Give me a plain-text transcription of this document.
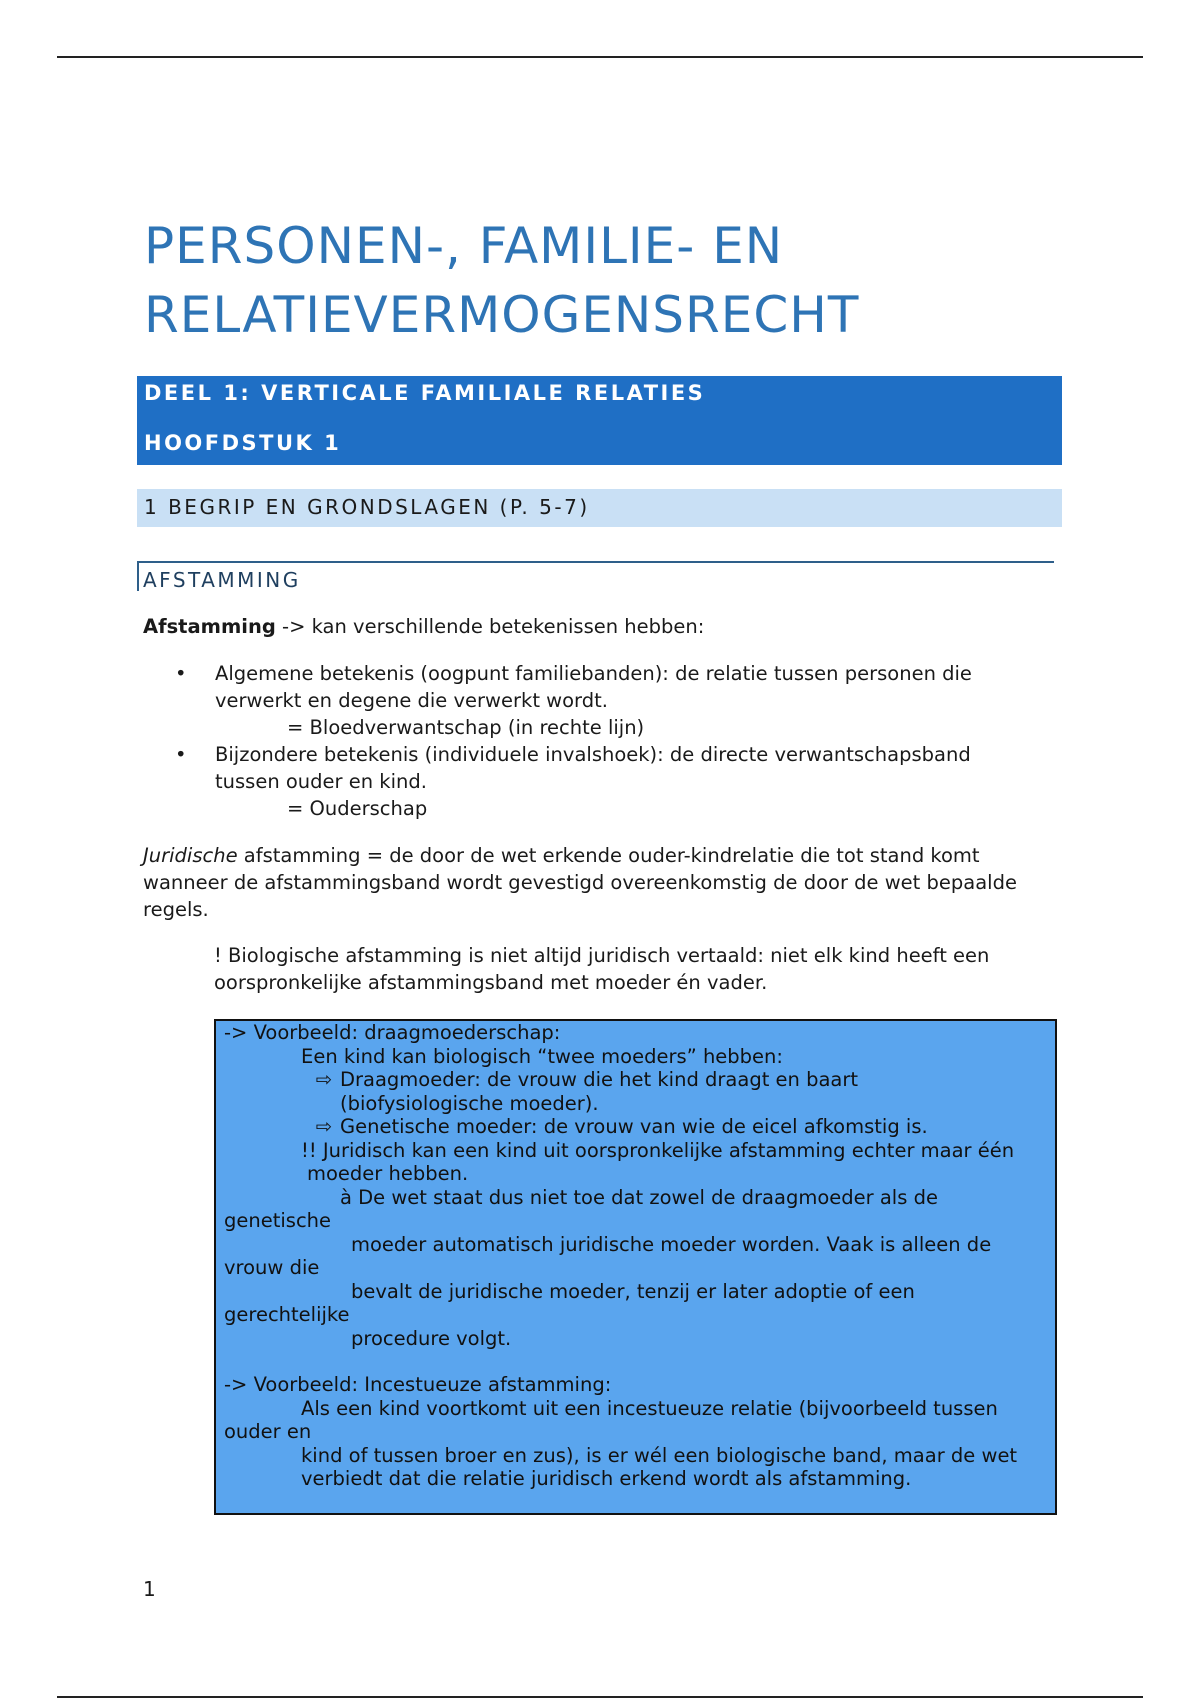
PERSONEN-, FAMILIE- EN
RELATIEVERMOGENSRECHT
DEEL 1: VERTICALE FAMILIALE RELATIES
HOOFDSTUK 1
1 BEGRIP EN GRONDSLAGEN (P. 5-7)
AFSTAMMING

Afstamming -> kan verschillende betekenissen hebben:

• Algemene betekenis (oogpunt familiebanden): de relatie tussen personen die
verwerkt en degene die verwerkt wordt.
= Bloedverwantschap (in rechte lijn)
• Bijzondere betekenis (individuele invalshoek): de directe verwantschapsband
tussen ouder en kind.
= Ouderschap

Juridische afstamming = de door de wet erkende ouder-kindrelatie die tot stand komt
wanneer de afstammingsband wordt gevestigd overeenkomstig de door de wet bepaalde
regels.

! Biologische afstamming is niet altijd juridisch vertaald: niet elk kind heeft een
oorspronkelijke afstammingsband met moeder én vader.

-> Voorbeeld: draagmoederschap:
Een kind kan biologisch “twee moeders” hebben:
⇨ Draagmoeder: de vrouw die het kind draagt en baart
(biofysiologische moeder).
⇨ Genetische moeder: de vrouw van wie de eicel afkomstig is.
!! Juridisch kan een kind uit oorspronkelijke afstamming echter maar één
moeder hebben.
à De wet staat dus niet toe dat zowel de draagmoeder als de
genetische
moeder automatisch juridische moeder worden. Vaak is alleen de
vrouw die
bevalt de juridische moeder, tenzij er later adoptie of een
gerechtelijke
procedure volgt.
-> Voorbeeld: Incestueuze afstamming:
Als een kind voortkomt uit een incestueuze relatie (bijvoorbeeld tussen
ouder en
kind of tussen broer en zus), is er wél een biologische band, maar de wet
verbiedt dat die relatie juridisch erkend wordt als afstamming.
1
